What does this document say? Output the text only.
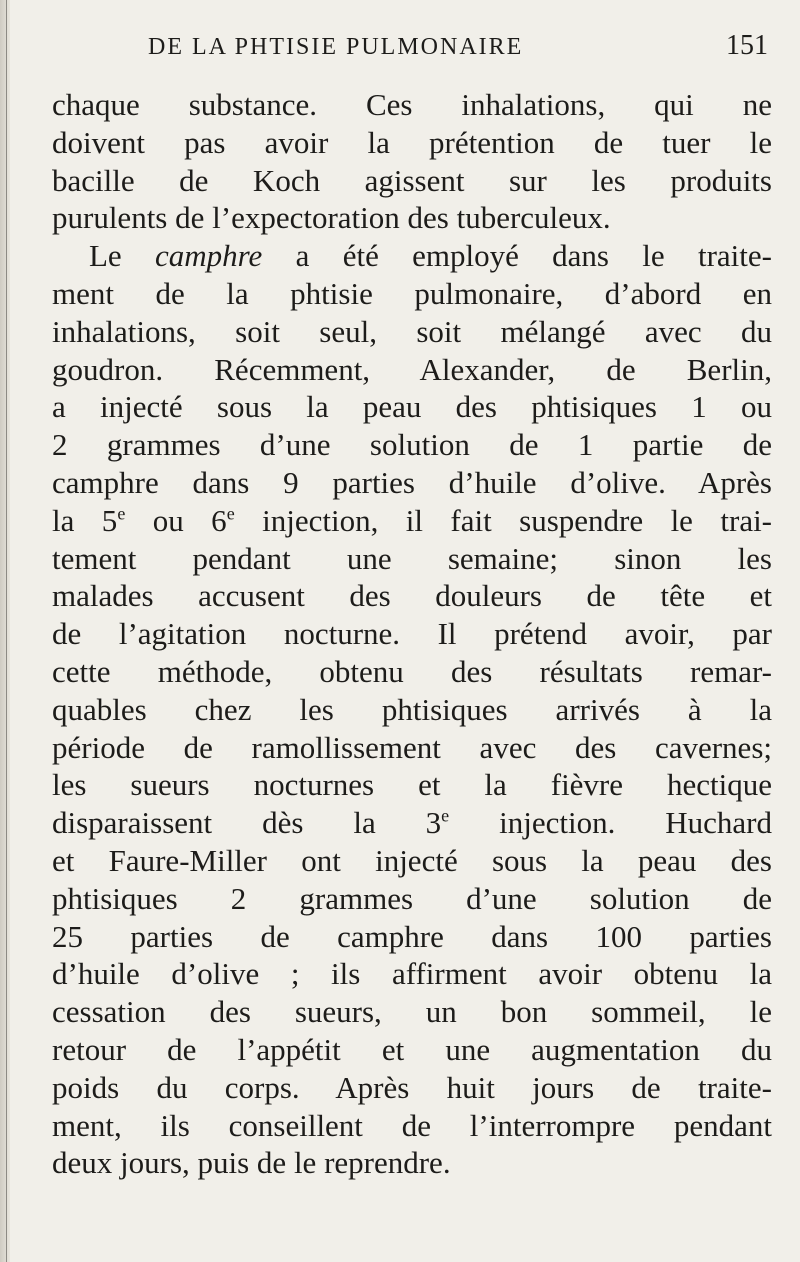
DE LA PHTISIE PULMONAIRE	151
chaque substance. Ces inhalations, qui ne
doivent pas avoir la prétention de tuer le
bacille de Koch agissent sur les produits
purulents de l’expectoration des tuberculeux.
Le camphre a été employé dans le traite-
ment de la phtisie pulmonaire, d’abord en
inhalations, soit seul, soit mélangé avec du
goudron. Récemment, Alexander, de Berlin,
a injecté sous la peau des phtisiques 1 ou
2 grammes d’une solution de 1 partie de
camphre dans 9 parties d’huile d’olive. Après
la 5e ou 6e injection, il fait suspendre le trai-
tement pendant une semaine; sinon les
malades accusent des douleurs de tête et
de l’agitation nocturne. Il prétend avoir, par
cette méthode, obtenu des résultats remar-
quables chez les phtisiques arrivés à la
période de ramollissement avec des cavernes;
les sueurs nocturnes et la fièvre hectique
disparaissent dès la 3e injection. Huchard
et Faure-Miller ont injecté sous la peau des
phtisiques 2 grammes d’une solution de
25 parties de camphre dans 100 parties
d’huile d’olive ; ils affirment avoir obtenu la
cessation des sueurs, un bon sommeil, le
retour de l’appétit et une augmentation du
poids du corps. Après huit jours de traite-
ment, ils conseillent de l’interrompre pendant
deux jours, puis de le reprendre.
